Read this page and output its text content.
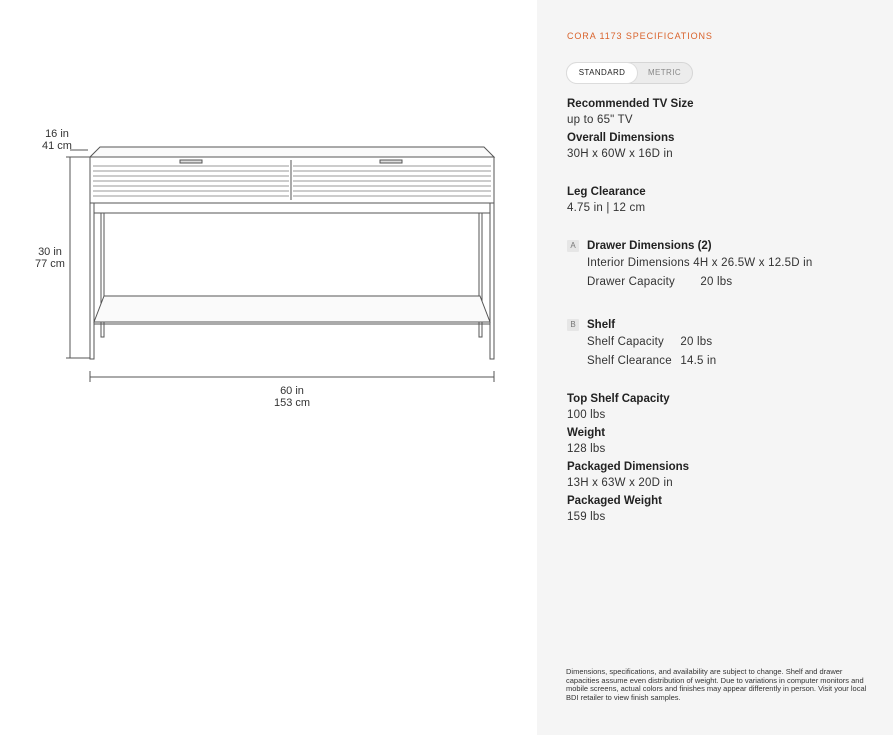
16 in
41 cm
30 in
77 cm
60 in
153 cm
CORA 1173 SPECIFICATIONS
STANDARD	METRIC
Recommended TV Size
up to 65" TV
Overall Dimensions
30H x 60W x 16D in
Leg Clearance
4.75 in | 12 cm
A Drawer Dimensions (2)
Interior Dimensions 4H x 26.5W x 12.5D in
Drawer Capacity 20 lbs
B Shelf
Shelf Capacity 20 lbs
Shelf Clearance 14.5 in
Top Shelf Capacity
100 lbs
Weight
128 lbs
Packaged Dimensions
13H x 63W x 20D in
Packaged Weight
159 lbs
Dimensions, specifications, and availability are subject to change. Shelf and drawer capacities assume even distribution of weight. Due to variations in computer monitors and mobile screens, actual colors and finishes may appear differently in person. Visit your local BDI retailer to view finish samples.
